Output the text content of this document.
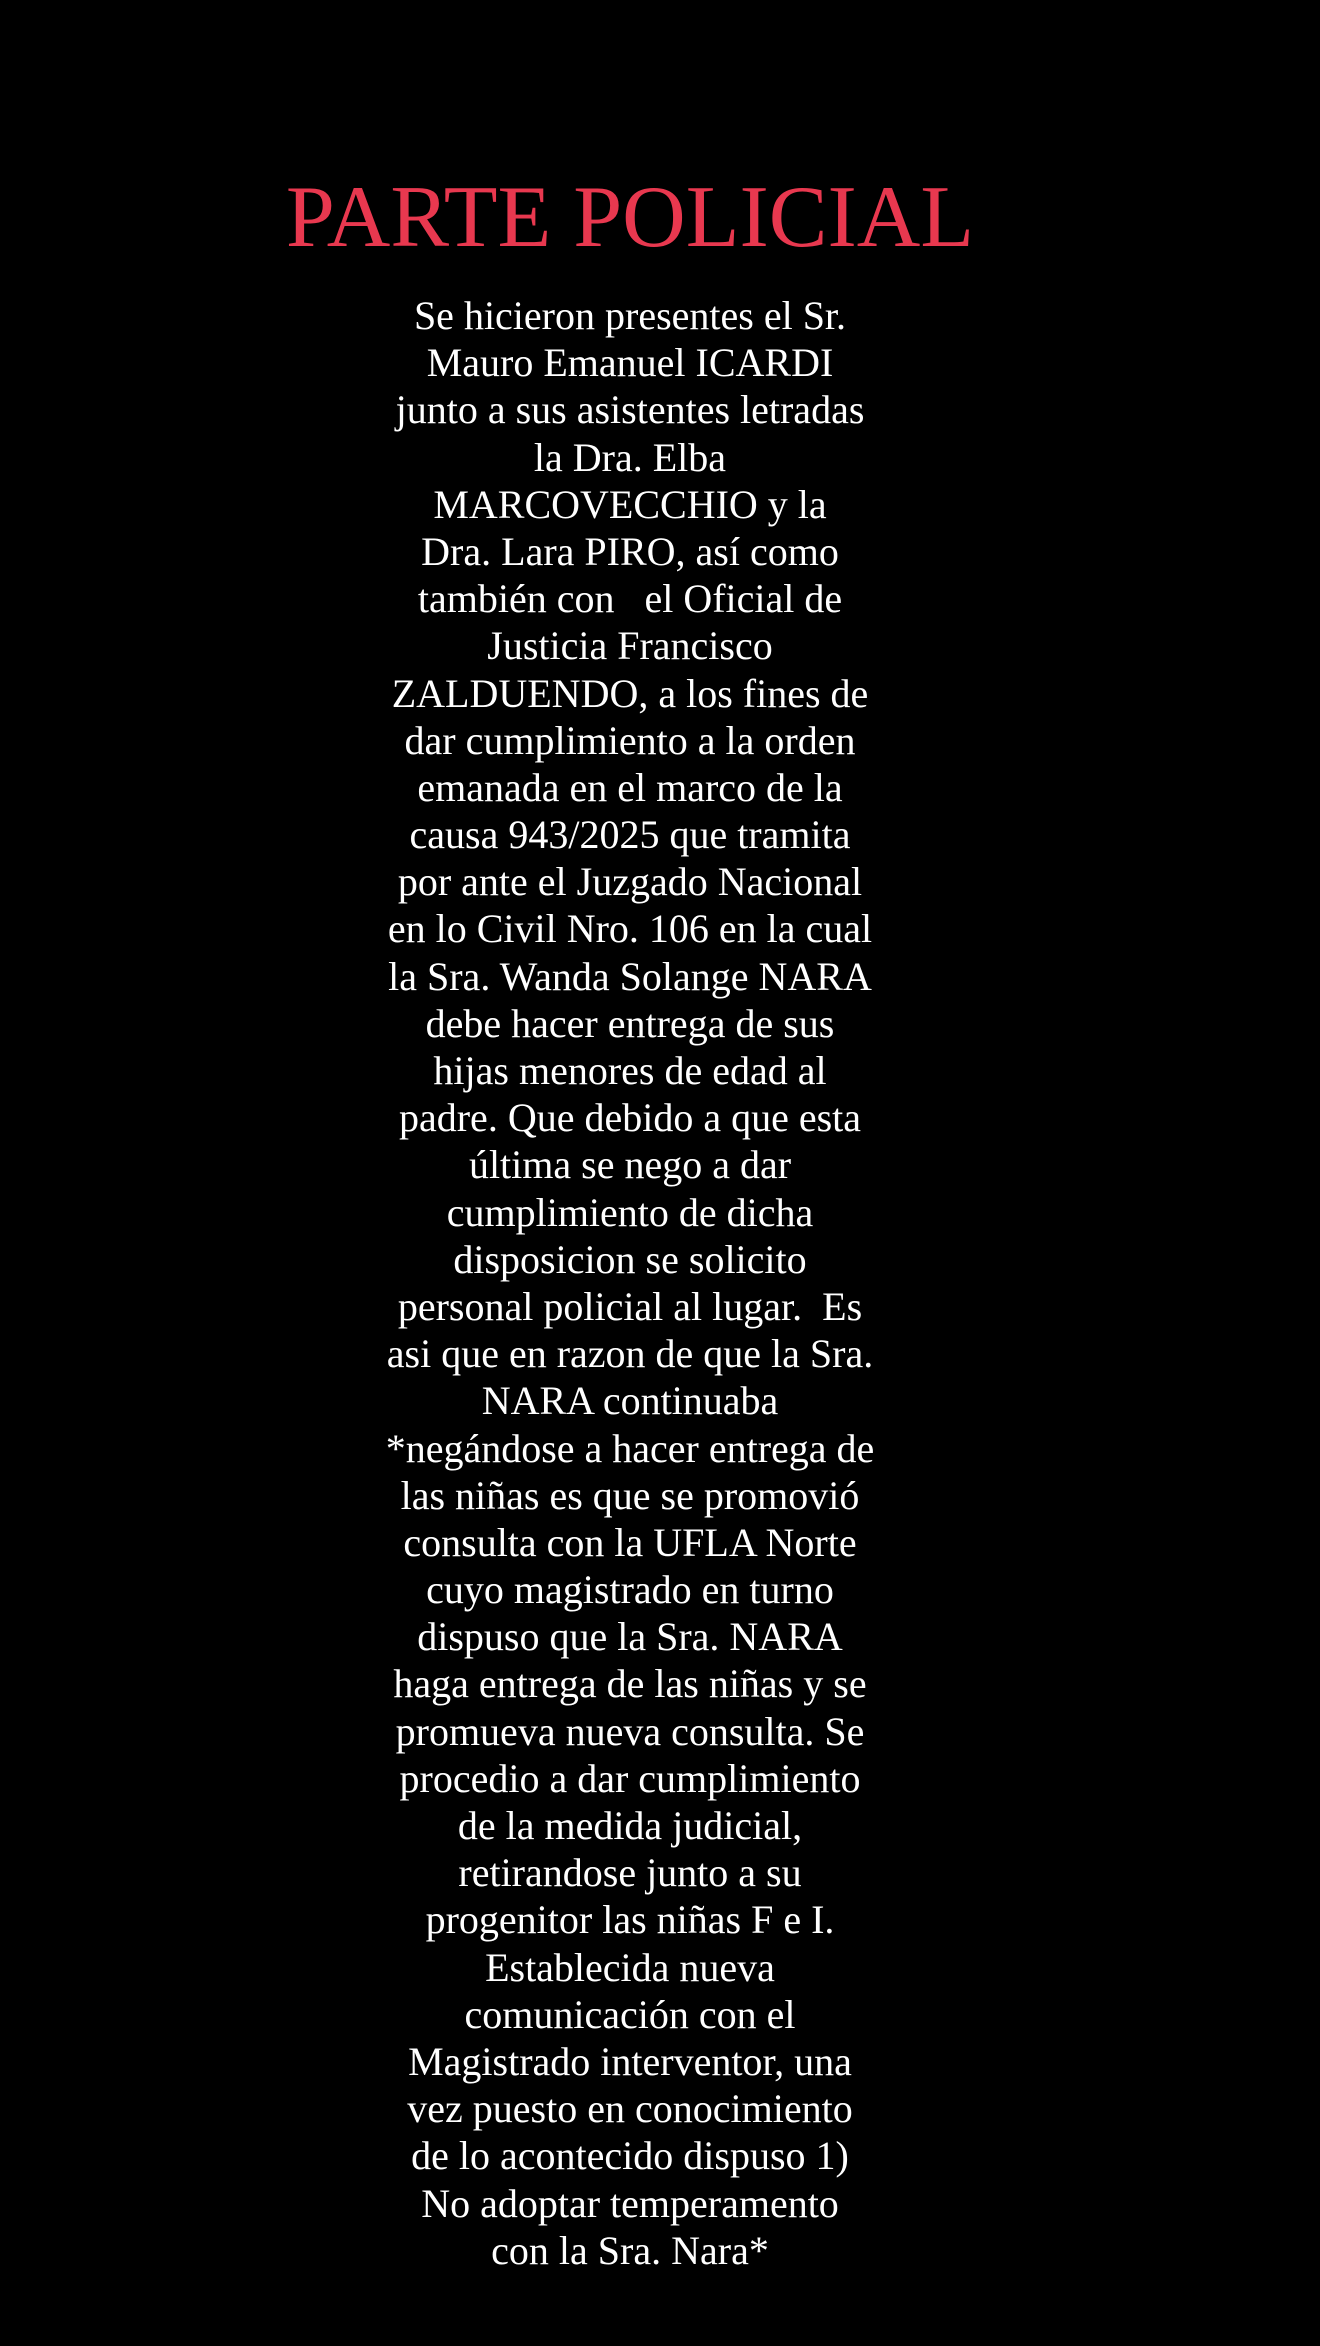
PARTE POLICIAL
Se hicieron presentes el Sr.
Mauro Emanuel ICARDI
junto a sus asistentes letradas
la Dra. Elba
MARCOVECCHIO y la
Dra. Lara PIRO, así como
también con   el Oficial de
Justicia Francisco
ZALDUENDO, a los fines de
dar cumplimiento a la orden
emanada en el marco de la
causa 943/2025 que tramita
por ante el Juzgado Nacional
en lo Civil Nro. 106 en la cual
la Sra. Wanda Solange NARA
debe hacer entrega de sus
hijas menores de edad al
padre. Que debido a que esta
última se nego a dar
cumplimiento de dicha
disposicion se solicito
personal policial al lugar.  Es
asi que en razon de que la Sra.
NARA continuaba
*negándose a hacer entrega de
las niñas es que se promovió
consulta con la UFLA Norte
cuyo magistrado en turno
dispuso que la Sra. NARA
haga entrega de las niñas y se
promueva nueva consulta. Se
procedio a dar cumplimiento
de la medida judicial,
retirandose junto a su
progenitor las niñas F e I.
Establecida nueva
comunicación con el
Magistrado interventor, una
vez puesto en conocimiento
de lo acontecido dispuso 1)
No adoptar temperamento
con la Sra. Nara*
